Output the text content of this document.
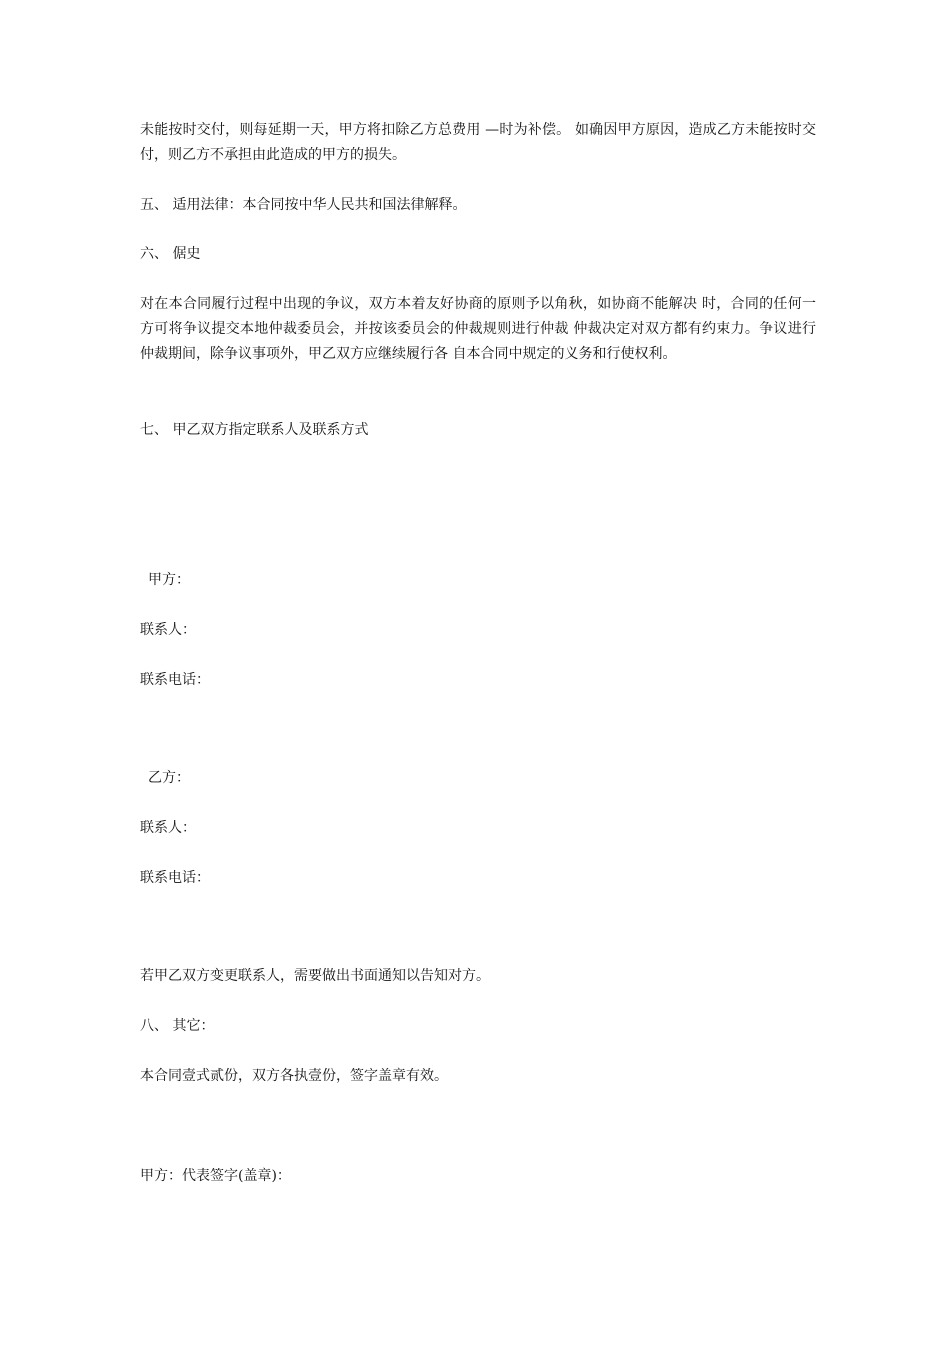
未能按时交付，则每延期一天，甲方将扣除乙方总费用 —时为补偿。 如确因甲方原因，造成乙方未能按时交付，则乙方不承担由此造成的甲方的损失。

五、 适用法律：本合同按中华人民共和国法律解释。

六、 倨史

对在本合同履行过程中出现的争议，双方本着友好协商的原则予以角秋，如协商不能解决 时，合同的任何一方可将争议提交本地仲裁委员会，并按该委员会的仲裁规则进行仲裁 仲裁决定对双方都有约束力。争议进行仲裁期间，除争议事项外，甲乙双方应继续履行各 自本合同中规定的义务和行使权利。

七、 甲乙双方指定联系人及联系方式

甲方：

联系人：

联系电话：

乙方：

联系人：

联系电话：

若甲乙双方变更联系人，需要做出书面通知以告知对方。

八、 其它：

本合同壹式贰份，双方各执壹份，签字盖章有效。

甲方：代表签字(盖章)：
